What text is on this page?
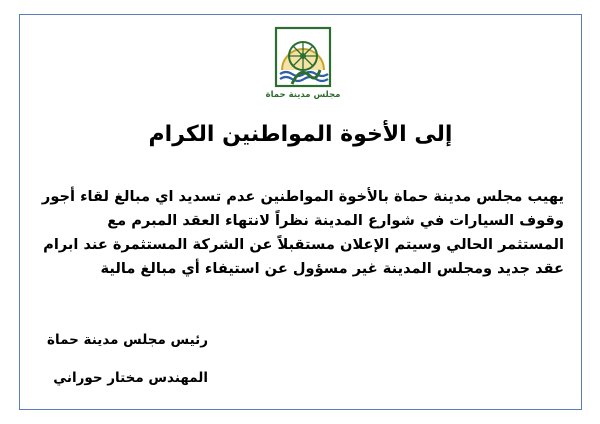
مجلس مدينة حماة
إلى الأخوة المواطنين الكرام
يهيب مجلس مدينة حماة بالأخوة المواطنين عدم تسديد اي مبالغ لقاء أجور وقوف السيارات في شوارع المدينة نظراً لانتهاء العقد المبرم مع المستثمر الحالي وسيتم الإعلان مستقبلاً عن الشركة المستثمرة عند ابرام عقد جديد ومجلس المدينة غير مسؤول عن استيفاء أي مبالغ مالية
رئيس مجلس مدينة حماة
المهندس مختار حوراني
